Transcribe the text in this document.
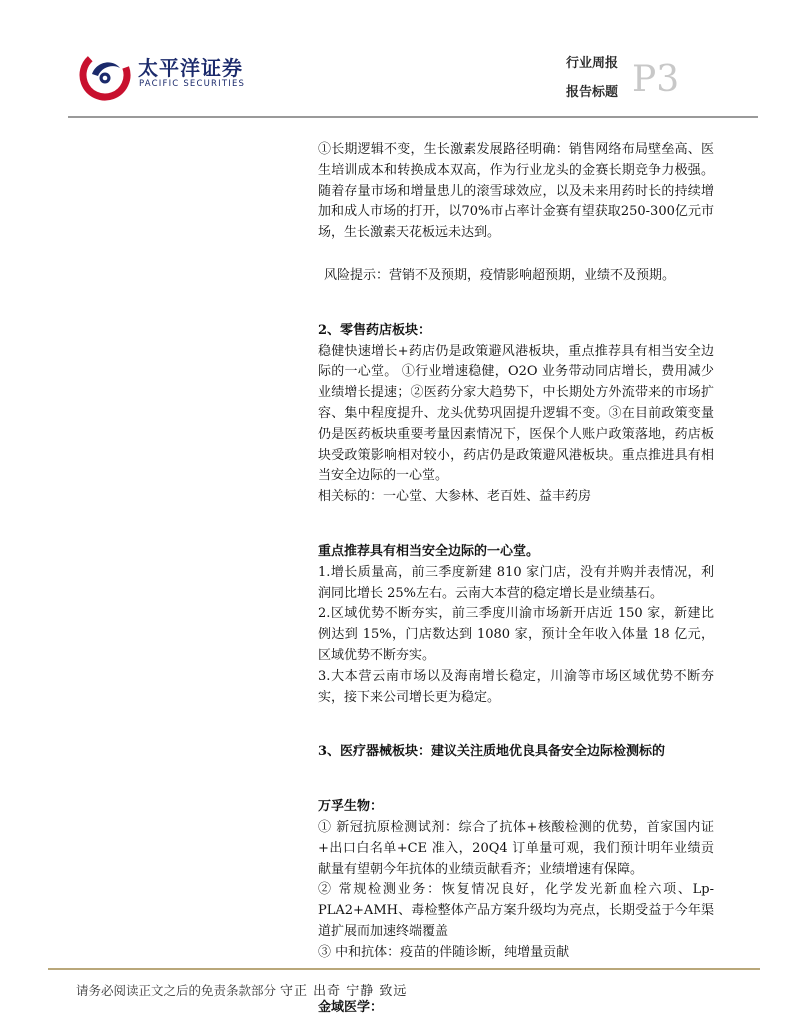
太平洋证券
PACIFIC SECURITIES
行业周报
报告标题 P3

①长期逻辑不变，生长激素发展路径明确：销售网络布局壁垒高、医生培训成本和转换成本双高，作为行业龙头的金赛长期竞争力极强。随着存量市场和增量患儿的滚雪球效应，以及未来用药时长的持续增加和成人市场的打开，以70%市占率计金赛有望获取250-300亿元市场，生长激素天花板远未达到。

风险提示：营销不及预期，疫情影响超预期，业绩不及预期。

2、零售药店板块：

稳健快速增长+药店仍是政策避风港板块，重点推荐具有相当安全边际的一心堂。 ①行业增速稳健，O2O 业务带动同店增长，费用减少业绩增长提速；②医药分家大趋势下，中长期处方外流带来的市场扩容、集中程度提升、龙头优势巩固提升逻辑不变。③在目前政策变量仍是医药板块重要考量因素情况下，医保个人账户政策落地，药店板块受政策影响相对较小，药店仍是政策避风港板块。重点推进具有相当安全边际的一心堂。

相关标的：一心堂、大参林、老百姓、益丰药房

重点推荐具有相当安全边际的一心堂。

1.增长质量高，前三季度新建 810 家门店，没有并购并表情况，利润同比增长 25%左右。云南大本营的稳定增长是业绩基石。

2.区域优势不断夯实，前三季度川渝市场新开店近 150 家，新建比例达到 15%，门店数达到 1080 家，预计全年收入体量 18 亿元，区域优势不断夯实。

3.大本营云南市场以及海南增长稳定，川渝等市场区域优势不断夯实，接下来公司增长更为稳定。

3、医疗器械板块：建议关注质地优良具备安全边际检测标的

万孚生物：

① 新冠抗原检测试剂：综合了抗体+核酸检测的优势，首家国内证+出口白名单+CE 准入，20Q4 订单量可观，我们预计明年业绩贡献量有望朝今年抗体的业绩贡献看齐；业绩增速有保障。

② 常规检测业务：恢复情况良好，化学发光新血栓六项、Lp-PLA2+AMH、毒检整体产品方案升级均为亮点，长期受益于今年渠道扩展而加速终端覆盖

③ 中和抗体：疫苗的伴随诊断，纯增量贡献

金域医学：

请务必阅读正文之后的免责条款部分 守正 出奇 宁静 致远
